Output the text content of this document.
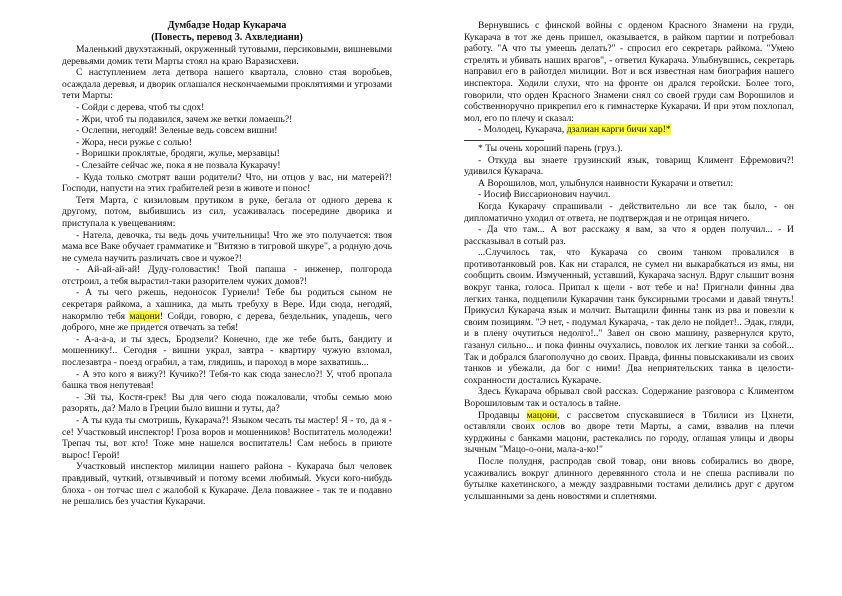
Думбадзе Нодар Кукарача
(Повесть, перевод З. Ахвледиани)

Маленький двухэтажный, окруженный тутовыми, персиковыми, вишневыми деревьями домик тети Марты стоял на краю Варазисхеви.

С наступлением лета детвора нашего квартала, словно стая воробьев, осаждала деревья, и дворик оглашался нескончаемыми проклятиями и угрозами тети Марты:

- Сойди с дерева, чтоб ты сдох!

- Жри, чтоб ты подавился, зачем же ветки ломаешь?!

- Ослепни, негодяй! Зеленые ведь совсем вишни!

- Жора, неси ружье с солью!

- Воришки проклятые, бродяги, жулье, мерзавцы!

- Слезайте сейчас же, пока я не позвала Кукарачу!

- Куда только смотрят ваши родители? Что, ни отцов у вас, ни матерей?! Господи, напусти на этих грабителей рези в животе и понос!

Тетя Марта, с кизиловым прутиком в руке, бегала от одного дерева к другому, потом, выбившись из сил, усаживалась посередине дворика и приступала к увещеваниям:

- Натела, девочка, ты ведь дочь учительницы! Что же это получается: твоя мама все Ваке обучает грамматике и "Витязю в тигровой шкуре", а родную дочь не сумела научить различать свое и чужое?!

- Ай-ай-ай-ай! Дуду-головастик! Твой папаша - инженер, полгорода отстроил, а тебя вырастил-таки разорителем чужих домов?!

- А ты чего ржешь, недоносок Гуриели! Тебе бы родиться сыном не секретаря райкома, а хашника, да мыть требуху в Вере. Иди сюда, негодяй, накормлю тебя мацони! Сойди, говорю, с дерева, бездельник, упадешь, чего доброго, мне же придется отвечать за тебя!

- А-а-а-а, и ты здесь, Бродзели? Конечно, где же тебе быть, бандиту и мошеннику!.. Сегодня - вишни украл, завтра - квартиру чужую взломал, послезавтра - поезд ограбил, а там, глядишь, и пароход в море захватишь...

- А это кого я вижу?! Кучико?! Тебя-то как сюда занесло?! У, чтоб пропала башка твоя непутевая!

- Эй ты, Костя-грек! Вы для чего сюда пожаловали, чтобы семью мою разорять, да? Мало в Греции было вишни и туты, да?

- А ты куда ты смотришь, Кукарача?! Языком чесать ты мастер! Я - то, да я - се! Участковый инспектор! Гроза воров и мошенников! Воспитатель молодежи! Трепач ты, вот кто! Тоже мне нашелся воспитатель! Сам небось в приюте вырос! Герой!

Участковый инспектор милиции нашего района - Кукарача был человек правдивый, чуткий, отзывчивый и потому всеми любимый. Укуси кого-нибудь блоха - он тотчас шел с жалобой к Кукараче. Дела поважнее - так те и подавно не решались без участия Кукарачи.

Вернувшись с финской войны с орденом Красного Знамени на груди, Кукарача в тот же день пришел, оказывается, в райком партии и потребовал работу. "А что ты умеешь делать?" - спросил его секретарь райкома. "Умею стрелять и убивать наших врагов", - ответил Кукарача. Улыбнувшись, секретарь направил его в райотдел милиции. Вот и вся известная нам биография нашего инспектора. Ходили слухи, что на фронте он дрался геройски. Более того, говорили, что орден Красного Знамени снял со своей груди сам Ворошилов и собственноручно прикрепил его к гимнастерке Кукарачи. И при этом похлопал, мол, его по плечу и сказал:

- Молодец, Кукарача, дзалиан карги бичи хар!*

* Ты очень хороший парень (груз.).

- Откуда вы знаете грузинский язык, товарищ Климент Ефремович?! удивился Кукарача.

А Ворошилов, мол, улыбнулся наивности Кукарачи и ответил:

- Иосиф Виссарионович научил.

Когда Кукарачу спрашивали - действительно ли все так было, - он дипломатично уходил от ответа, не подтверждая и не отрицая ничего.

- Да что там... А вот расскажу я вам, за что я орден получил... - И рассказывал в сотый раз.

...Случилось так, что Кукарача со своим танком провалился в противотанковый ров. Как ни старался, не сумел ни выкарабкаться из ямы, ни сообщить своим. Измученный, уставший, Кукарача заснул. Вдруг слышит возня вокруг танка, голоса. Припал к щели - вот тебе и на! Пригнали финны два легких танка, подцепили Кукарачин танк буксирными тросами и давай тянуть! Прикусил Кукарача язык и молчит. Вытащили финны танк из рва и повезли к своим позициям. "Э нет, - подумал Кукарача, - так дело не пойдет!.. Эдак, гляди, и в плену очутиться недолго!.." Завел он свою машину, развернулся круто, газанул сильно... и пока финны очухались, поволок их легкие танки за собой... Так и добрался благополучно до своих. Правда, финны повыскакивали из своих танков и убежали, да бог с ними! Два неприятельских танка в целости-сохранности достались Кукараче.

Здесь Кукарача обрывал свой рассказ. Содержание разговора с Климентом Ворошиловым так и осталось в тайне.

Продавцы мацони, с рассветом спускавшиеся в Тбилиси из Цхнети, оставляли своих ослов во дворе тети Марты, а сами, взвалив на плечи хурджины с банками мацони, растекались по городу, оглашая улицы и дворы зычным "Мацо-о-они, мала-а-ко!"

После полудня, распродав свой товар, они вновь собирались во дворе, усаживались вокруг длинного деревянного стола и не спеша распивали по бутылке кахетинского, а между заздравными тостами делились друг с другом услышанными за день новостями и сплетнями.
